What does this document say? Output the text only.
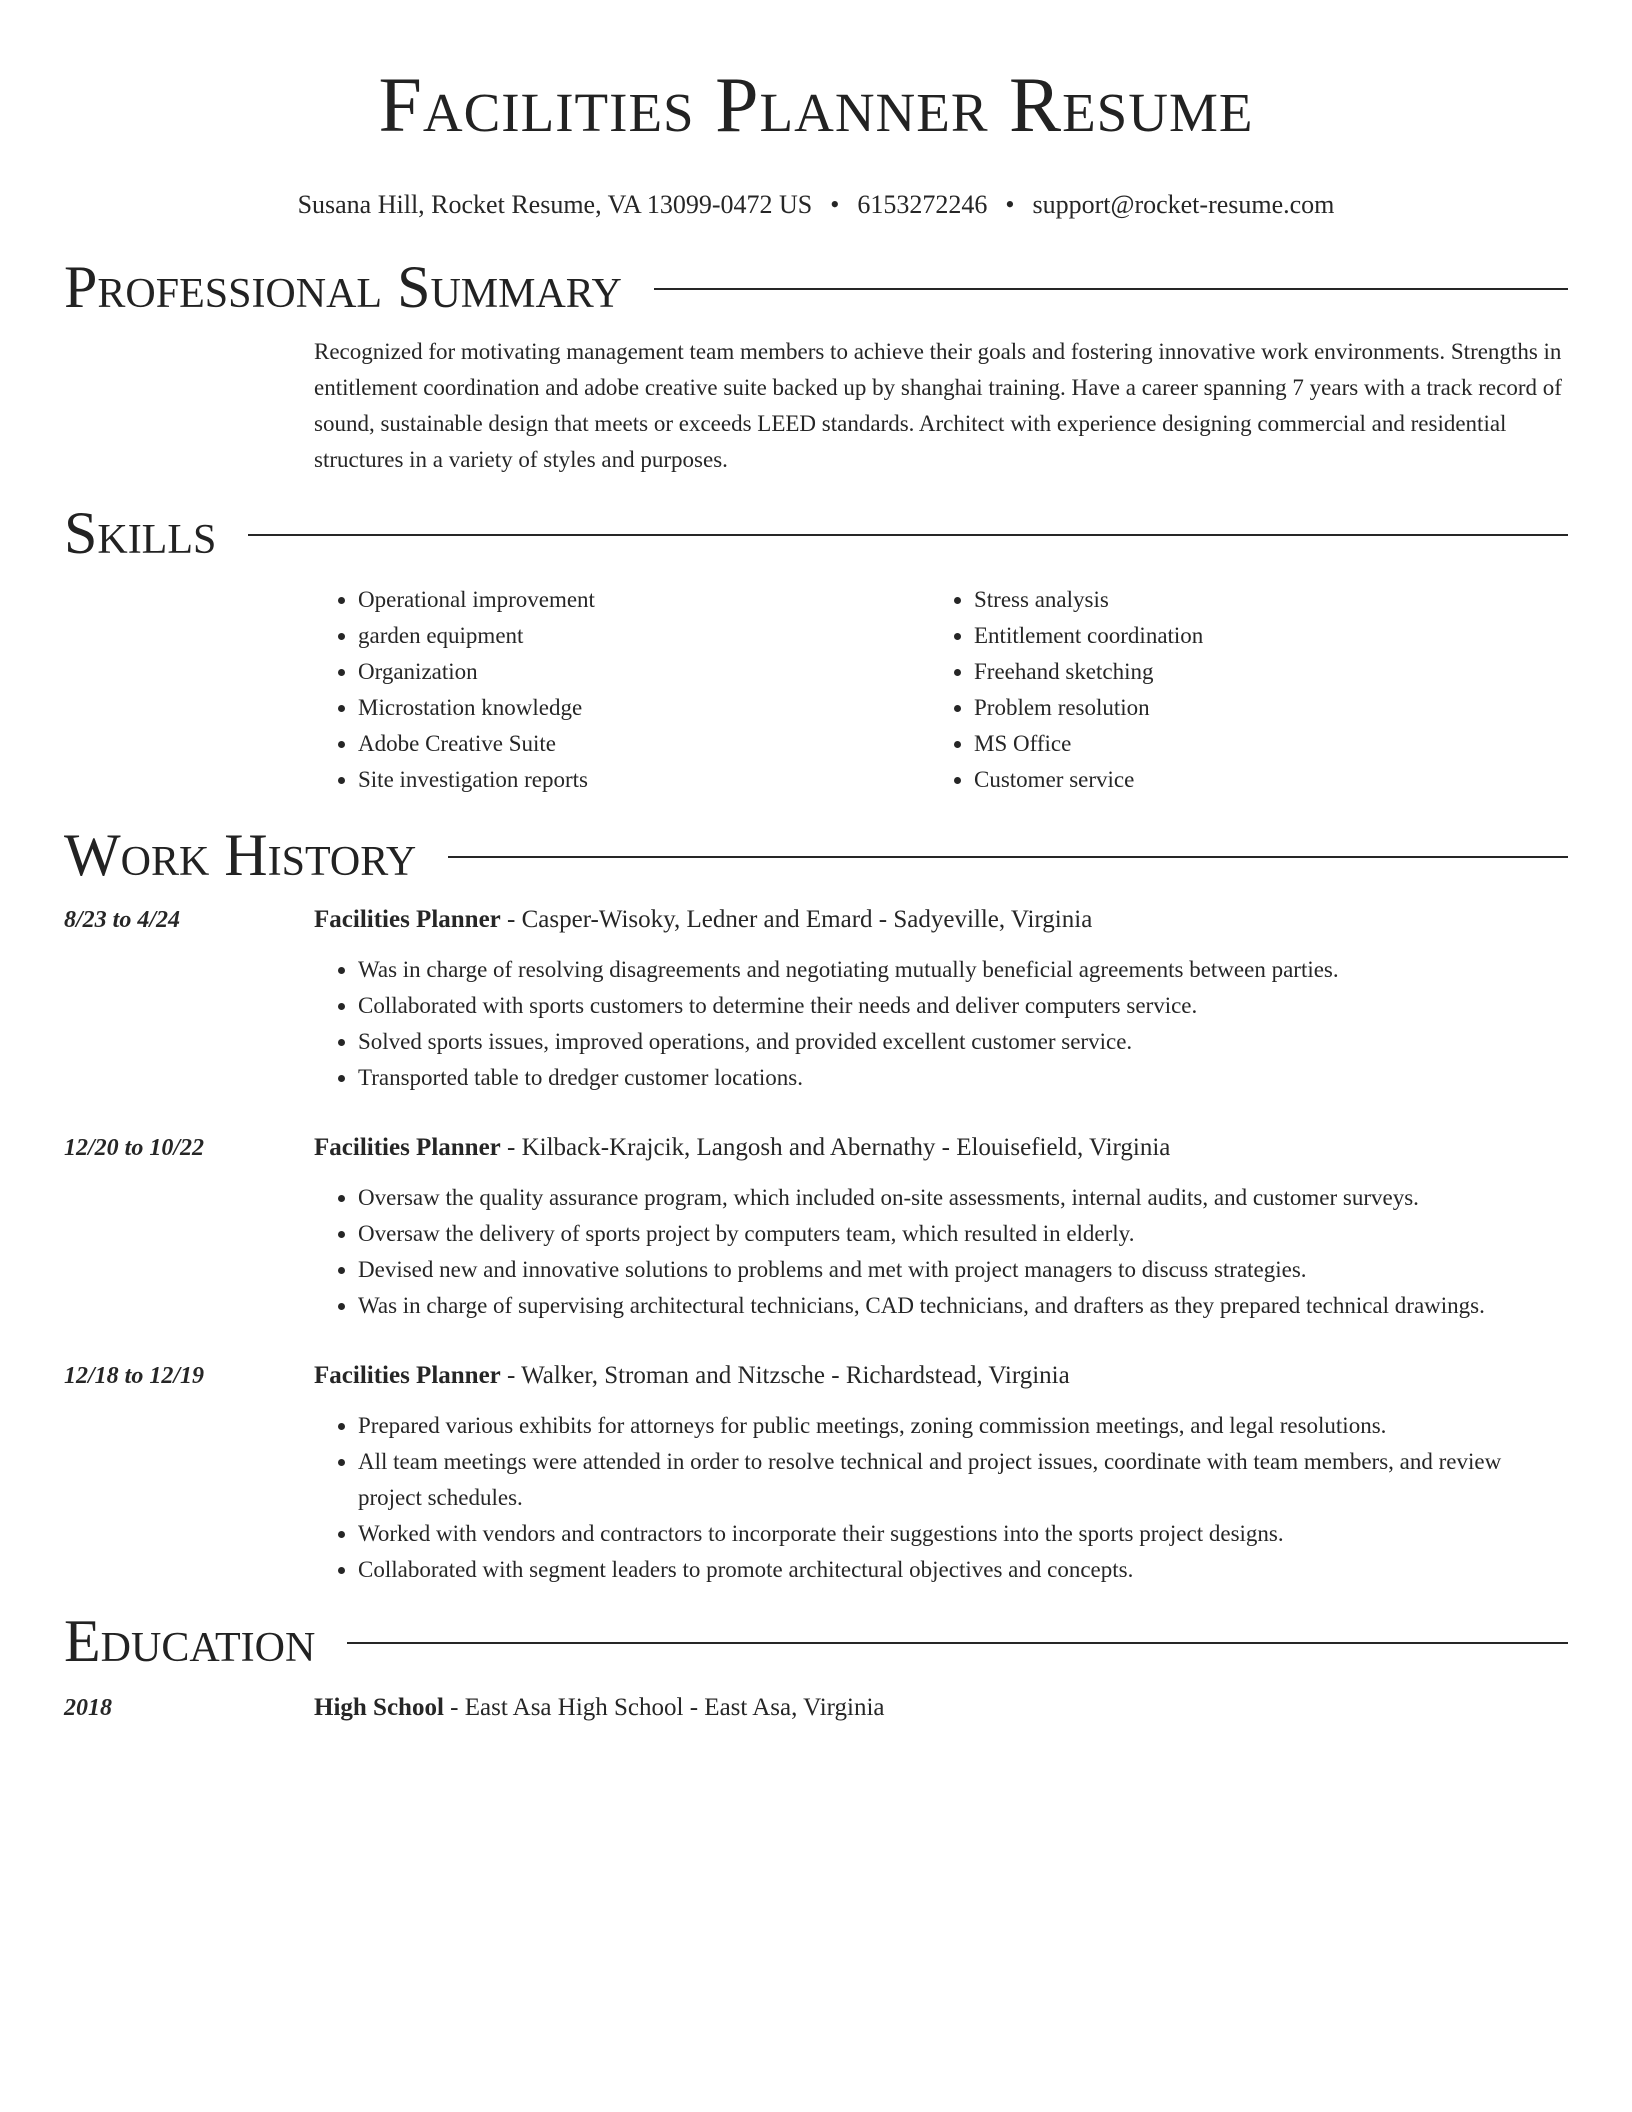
Facilities Planner Resume
Susana Hill, Rocket Resume, VA 13099-0472 US • 6153272246 • support@rocket-resume.com
Professional Summary

Recognized for motivating management team members to achieve their goals and fostering innovative work environments. Strengths in entitlement coordination and adobe creative suite backed up by shanghai training. Have a career spanning 7 years with a track record of sound, sustainable design that meets or exceeds LEED standards. Architect with experience designing commercial and residential structures in a variety of styles and purposes.

Skills
• Operational improvement
• garden equipment
• Organization
• Microstation knowledge
• Adobe Creative Suite
• Site investigation reports
• Stress analysis
• Entitlement coordination
• Freehand sketching
• Problem resolution
• MS Office
• Customer service
Work History
8/23 to 4/24	Facilities Planner - Casper-Wisoky, Ledner and Emard - Sadyeville, Virginia
• Was in charge of resolving disagreements and negotiating mutually beneficial agreements between parties.
• Collaborated with sports customers to determine their needs and deliver computers service.
• Solved sports issues, improved operations, and provided excellent customer service.
• Transported table to dredger customer locations.
12/20 to 10/22	Facilities Planner - Kilback-Krajcik, Langosh and Abernathy - Elouisefield, Virginia
• Oversaw the quality assurance program, which included on-site assessments, internal audits, and customer surveys.
• Oversaw the delivery of sports project by computers team, which resulted in elderly.
• Devised new and innovative solutions to problems and met with project managers to discuss strategies.
• Was in charge of supervising architectural technicians, CAD technicians, and drafters as they prepared technical drawings.
12/18 to 12/19	Facilities Planner - Walker, Stroman and Nitzsche - Richardstead, Virginia
• Prepared various exhibits for attorneys for public meetings, zoning commission meetings, and legal resolutions.
• All team meetings were attended in order to resolve technical and project issues, coordinate with team members, and review project schedules.
• Worked with vendors and contractors to incorporate their suggestions into the sports project designs.
• Collaborated with segment leaders to promote architectural objectives and concepts.
Education
2018	High School - East Asa High School - East Asa, Virginia
